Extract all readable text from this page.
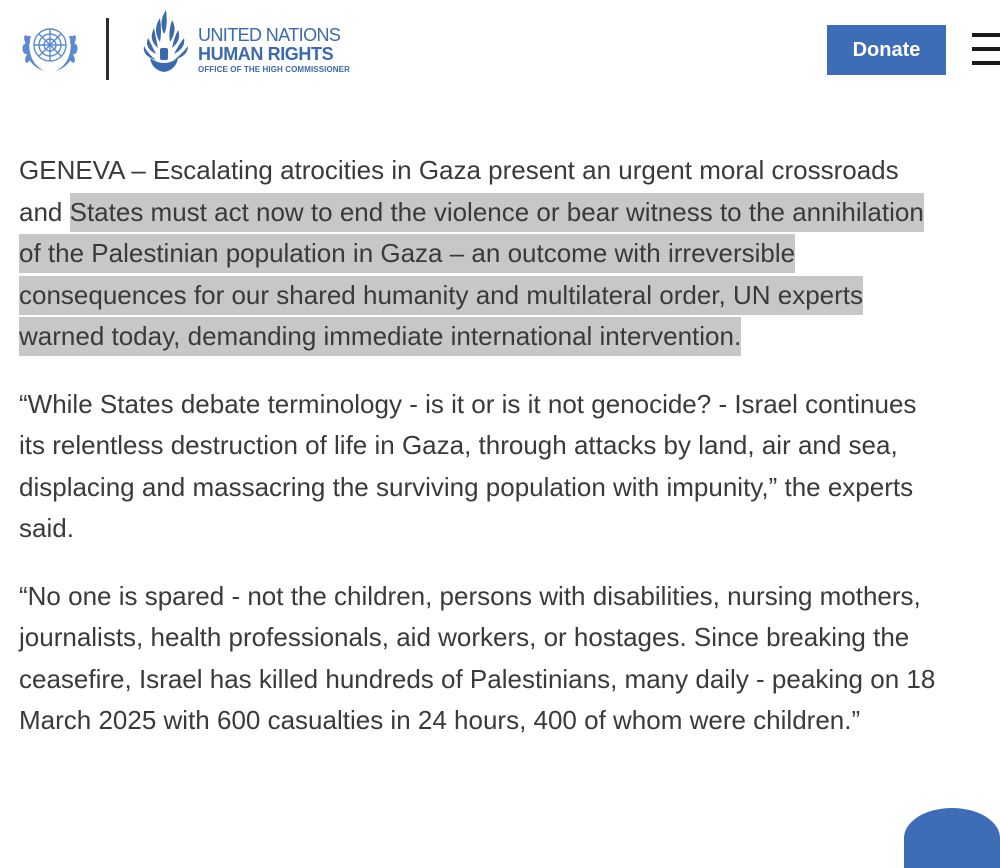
UNITED NATIONS
HUMAN RIGHTS
OFFICE OF THE HIGH COMMISSIONER
Donate

GENEVA – Escalating atrocities in Gaza present an urgent moral crossroads and States must act now to end the violence or bear witness to the annihilation of the Palestinian population in Gaza – an outcome with irreversible consequences for our shared humanity and multilateral order, UN experts warned today, demanding immediate international intervention.

“While States debate terminology - is it or is it not genocide? - Israel continues its relentless destruction of life in Gaza, through attacks by land, air and sea, displacing and massacring the surviving population with impunity,” the experts said.

“No one is spared - not the children, persons with disabilities, nursing mothers, journalists, health professionals, aid workers, or hostages. Since breaking the ceasefire, Israel has killed hundreds of Palestinians, many daily - peaking on 18 March 2025 with 600 casualties in 24 hours, 400 of whom were children.”
